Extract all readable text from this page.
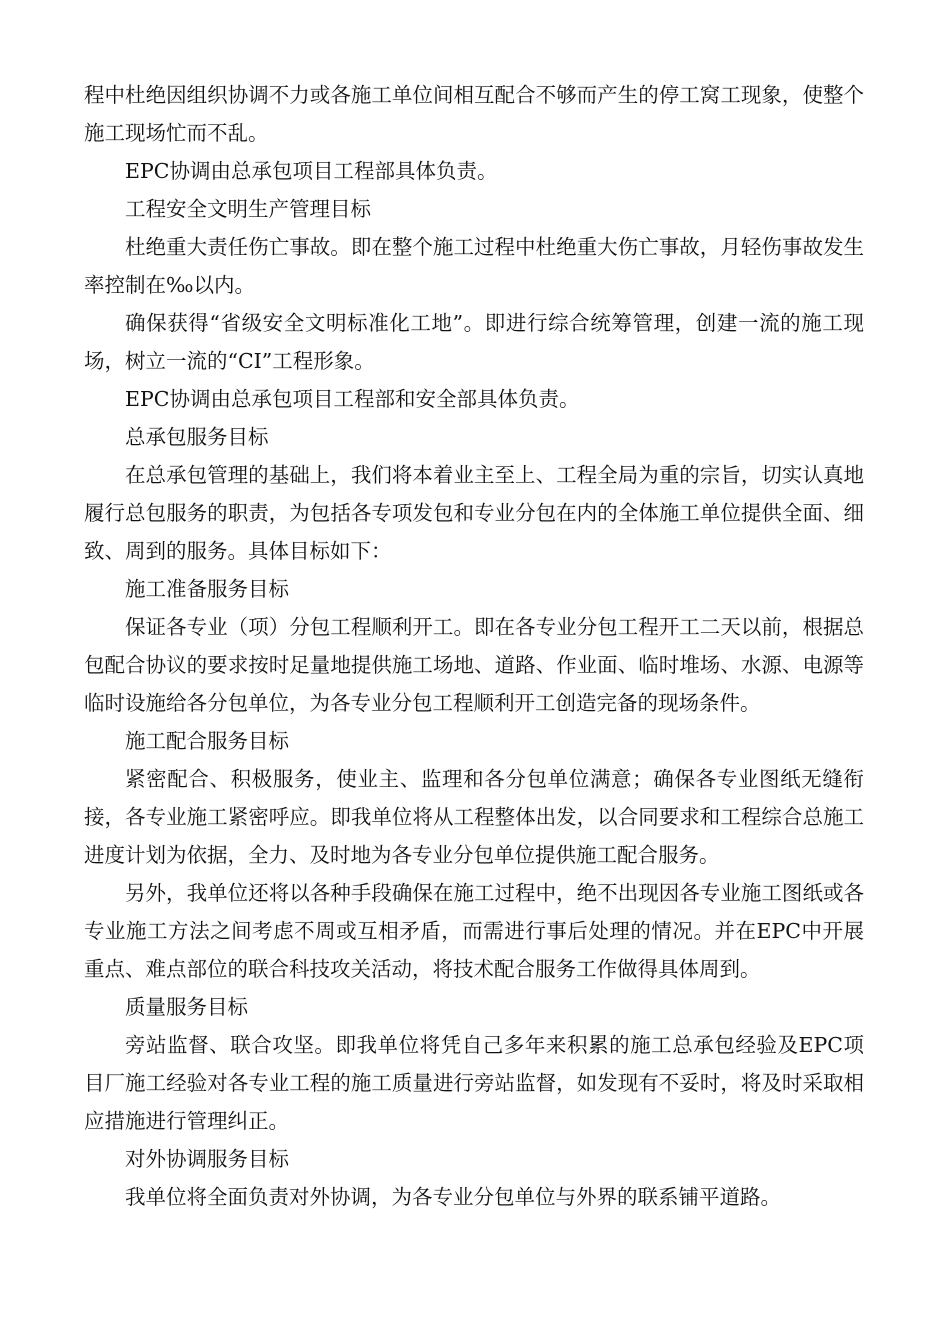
程中杜绝因组织协调不力或各施工单位间相互配合不够而产生的停工窝工现象，使整个施工现场忙而不乱。

EPC协调由总承包项目工程部具体负责。

工程安全文明生产管理目标

杜绝重大责任伤亡事故。即在整个施工过程中杜绝重大伤亡事故，月轻伤事故发生率控制在‰以内。

确保获得“省级安全文明标准化工地”。即进行综合统筹管理，创建一流的施工现场，树立一流的“CI”工程形象。

EPC协调由总承包项目工程部和安全部具体负责。

总承包服务目标

在总承包管理的基础上，我们将本着业主至上、工程全局为重的宗旨，切实认真地履行总包服务的职责，为包括各专项发包和专业分包在内的全体施工单位提供全面、细致、周到的服务。具体目标如下：

施工准备服务目标

保证各专业（项）分包工程顺利开工。即在各专业分包工程开工二天以前，根据总包配合协议的要求按时足量地提供施工场地、道路、作业面、临时堆场、水源、电源等临时设施给各分包单位，为各专业分包工程顺利开工创造完备的现场条件。

施工配合服务目标

紧密配合、积极服务，使业主、监理和各分包单位满意；确保各专业图纸无缝衔接，各专业施工紧密呼应。即我单位将从工程整体出发，以合同要求和工程综合总施工进度计划为依据，全力、及时地为各专业分包单位提供施工配合服务。

另外，我单位还将以各种手段确保在施工过程中，绝不出现因各专业施工图纸或各专业施工方法之间考虑不周或互相矛盾，而需进行事后处理的情况。并在EPC中开展重点、难点部位的联合科技攻关活动，将技术配合服务工作做得具体周到。

质量服务目标

旁站监督、联合攻坚。即我单位将凭自己多年来积累的施工总承包经验及EPC项目厂施工经验对各专业工程的施工质量进行旁站监督，如发现有不妥时，将及时采取相应措施进行管理纠正。

对外协调服务目标

我单位将全面负责对外协调，为各专业分包单位与外界的联系铺平道路。
